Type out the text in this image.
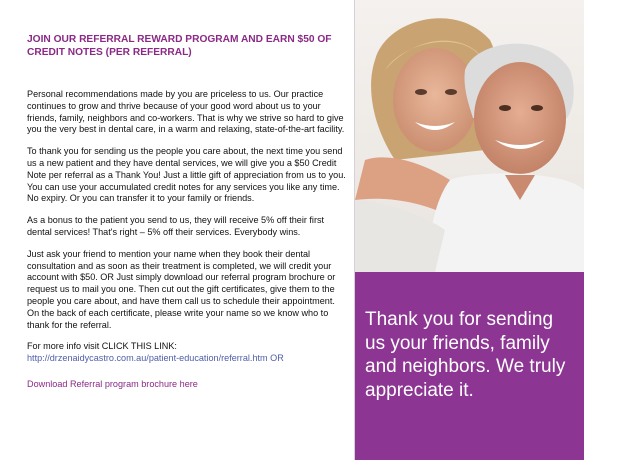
JOIN OUR REFERRAL REWARD PROGRAM AND EARN $50 OF CREDIT NOTES (PER REFERRAL)

Personal recommendations made by you are priceless to us. Our practice continues to grow and thrive because of your good word about us to your friends, family, neighbors and co-workers. That is why we strive so hard to give you the very best in dental care, in a warm and relaxing, state-of-the-art facility.

To thank you for sending us the people you care about, the next time you send us a new patient and they have dental services, we will give you a $50 Credit Note per referral as a Thank You! Just a little gift of appreciation from us to you. You can use your accumulated credit notes for any services you like any time. No expiry. Or you can transfer it to your family or friends.

As a bonus to the patient you send to us, they will receive 5% off their first dental services! That's right – 5% off their services. Everybody wins.

Just ask your friend to mention your name when they book their dental consultation and as soon as their treatment is completed, we will credit your account with $50. OR Just simply download our referral program brochure or request us to mail you one. Then cut out the gift certificates, give them to the people you care about, and have them call us to schedule their appointment. On the back of each certificate, please write your name so we know who to thank for the referral.

For more info visit CLICK THIS LINK:
http://drzenaidycastro.com.au/patient-education/referral.htm OR
Download Referral program brochure here
Thank you for sending us your friends, family and neighbors. We truly appreciate it.
